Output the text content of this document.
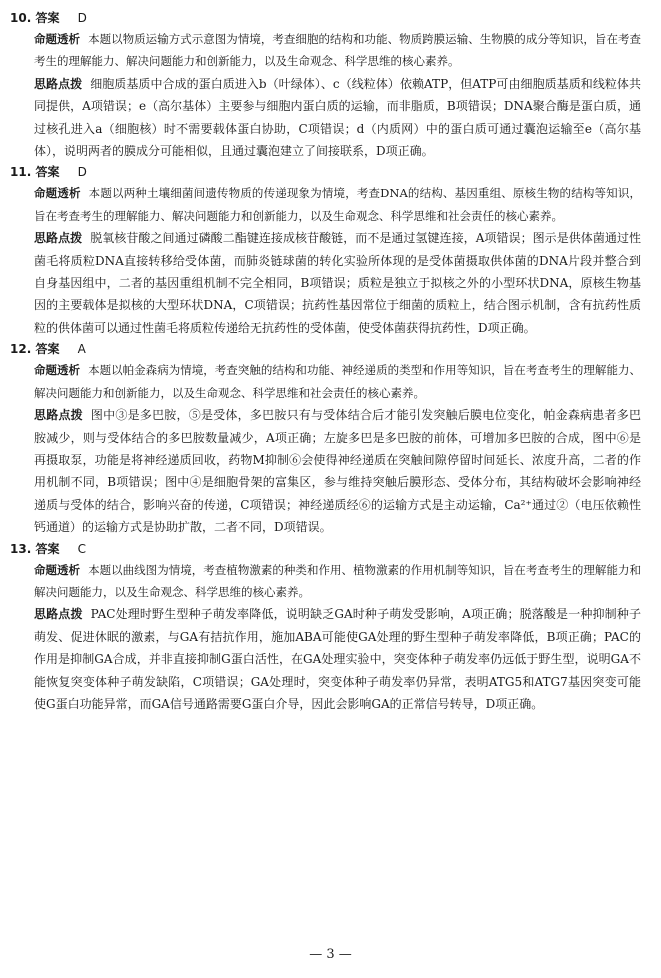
10. 答案 D

命题透析 本题以物质运输方式示意图为情境，考查细胞的结构和功能、物质跨膜运输、生物膜的成分等知识，旨在考查考生的理解能力、解决问题能力和创新能力，以及生命观念、科学思维的核心素养。

思路点拨 细胞质基质中合成的蛋白质进入b（叶绿体）、c（线粒体）依赖ATP，但ATP可由细胞质基质和线粒体共同提供，A项错误；e（高尔基体）主要参与细胞内蛋白质的运输，而非脂质，B项错误；DNA聚合酶是蛋白质，通过核孔进入a（细胞核）时不需要载体蛋白协助，C项错误；d（内质网）中的蛋白质可通过囊泡运输至e（高尔基体），说明两者的膜成分可能相似，且通过囊泡建立了间接联系，D项正确。

11. 答案 D

命题透析 本题以两种土壤细菌间遗传物质的传递现象为情境，考查DNA的结构、基因重组、原核生物的结构等知识，旨在考查考生的理解能力、解决问题能力和创新能力，以及生命观念、科学思维和社会责任的核心素养。

思路点拨 脱氧核苷酸之间通过磷酸二酯键连接成核苷酸链，而不是通过氢键连接，A项错误；图示是供体菌通过性菌毛将质粒DNA直接转移给受体菌，而肺炎链球菌的转化实验所体现的是受体菌摄取供体菌的DNA片段并整合到自身基因组中，二者的基因重组机制不完全相同，B项错误；质粒是独立于拟核之外的小型环状DNA，原核生物基因的主要载体是拟核的大型环状DNA，C项错误；抗药性基因常位于细菌的质粒上，结合图示机制，含有抗药性质粒的供体菌可以通过性菌毛将质粒传递给无抗药性的受体菌，使受体菌获得抗药性，D项正确。

12. 答案 A

命题透析 本题以帕金森病为情境，考查突触的结构和功能、神经递质的类型和作用等知识，旨在考查考生的理解能力、解决问题能力和创新能力，以及生命观念、科学思维和社会责任的核心素养。

思路点拨 图中③是多巴胺，⑤是受体，多巴胺只有与受体结合后才能引发突触后膜电位变化，帕金森病患者多巴胺减少，则与受体结合的多巴胺数量减少，A项正确；左旋多巴是多巴胺的前体，可增加多巴胺的合成，图中⑥是再摄取泵，功能是将神经递质回收，药物M抑制⑥会使得神经递质在突触间隙停留时间延长、浓度升高，二者的作用机制不同，B项错误；图中④是细胞骨架的富集区，参与维持突触后膜形态、受体分布，其结构破坏会影响神经递质与受体的结合，影响兴奋的传递，C项错误；神经递质经⑥的运输方式是主动运输，Ca²⁺通过②（电压依赖性钙通道）的运输方式是协助扩散，二者不同，D项错误。

13. 答案 C

命题透析 本题以曲线图为情境，考查植物激素的种类和作用、植物激素的作用机制等知识，旨在考查考生的理解能力和解决问题能力，以及生命观念、科学思维的核心素养。

思路点拨 PAC处理时野生型种子萌发率降低，说明缺乏GA时种子萌发受影响，A项正确；脱落酸是一种抑制种子萌发、促进休眠的激素，与GA有拮抗作用，施加ABA可能使GA处理的野生型种子萌发率降低，B项正确；PAC的作用是抑制GA合成，并非直接抑制G蛋白活性，在GA处理实验中，突变体种子萌发率仍远低于野生型，说明GA不能恢复突变体种子萌发缺陷，C项错误；GA处理时，突变体种子萌发率仍异常，表明ATG5和ATG7基因突变可能使G蛋白功能异常，而GA信号通路需要G蛋白介导，因此会影响GA的正常信号转导，D项正确。

— 3 —
